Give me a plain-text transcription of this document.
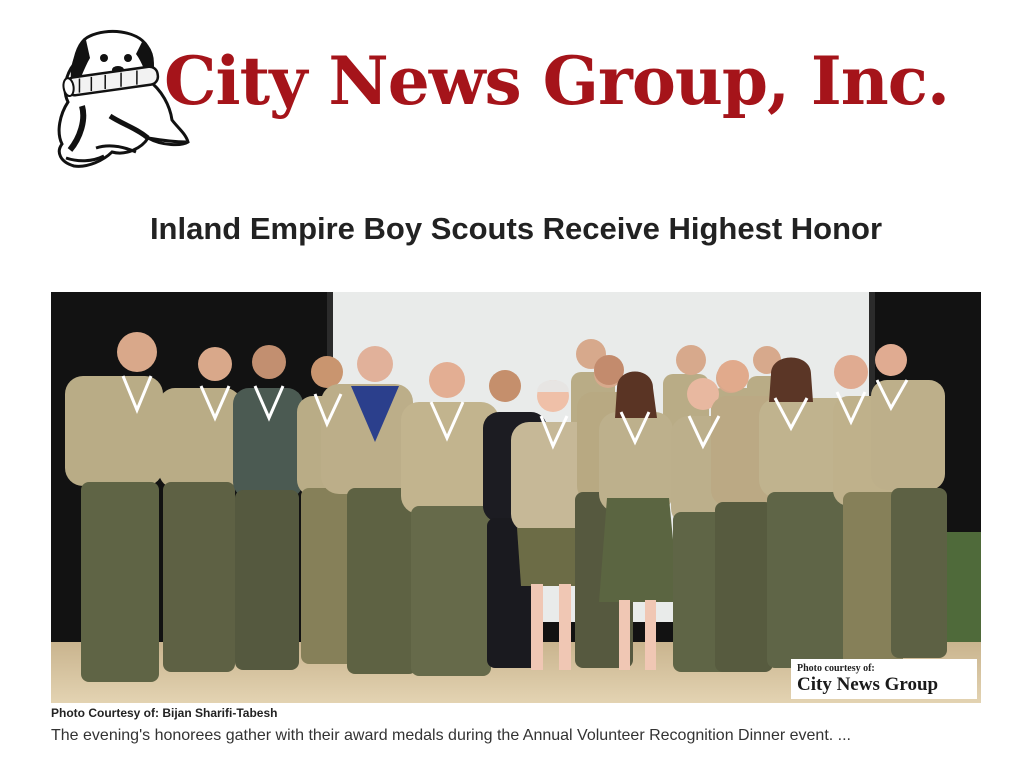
City News Group, Inc.
Inland Empire Boy Scouts Receive Highest Honor
Photo courtesy of:
City News Group
Photo Courtesy of: Bijan Sharifi-Tabesh
The evening's honorees gather with their award medals during the Annual Volunteer Recognition Dinner event. ...
